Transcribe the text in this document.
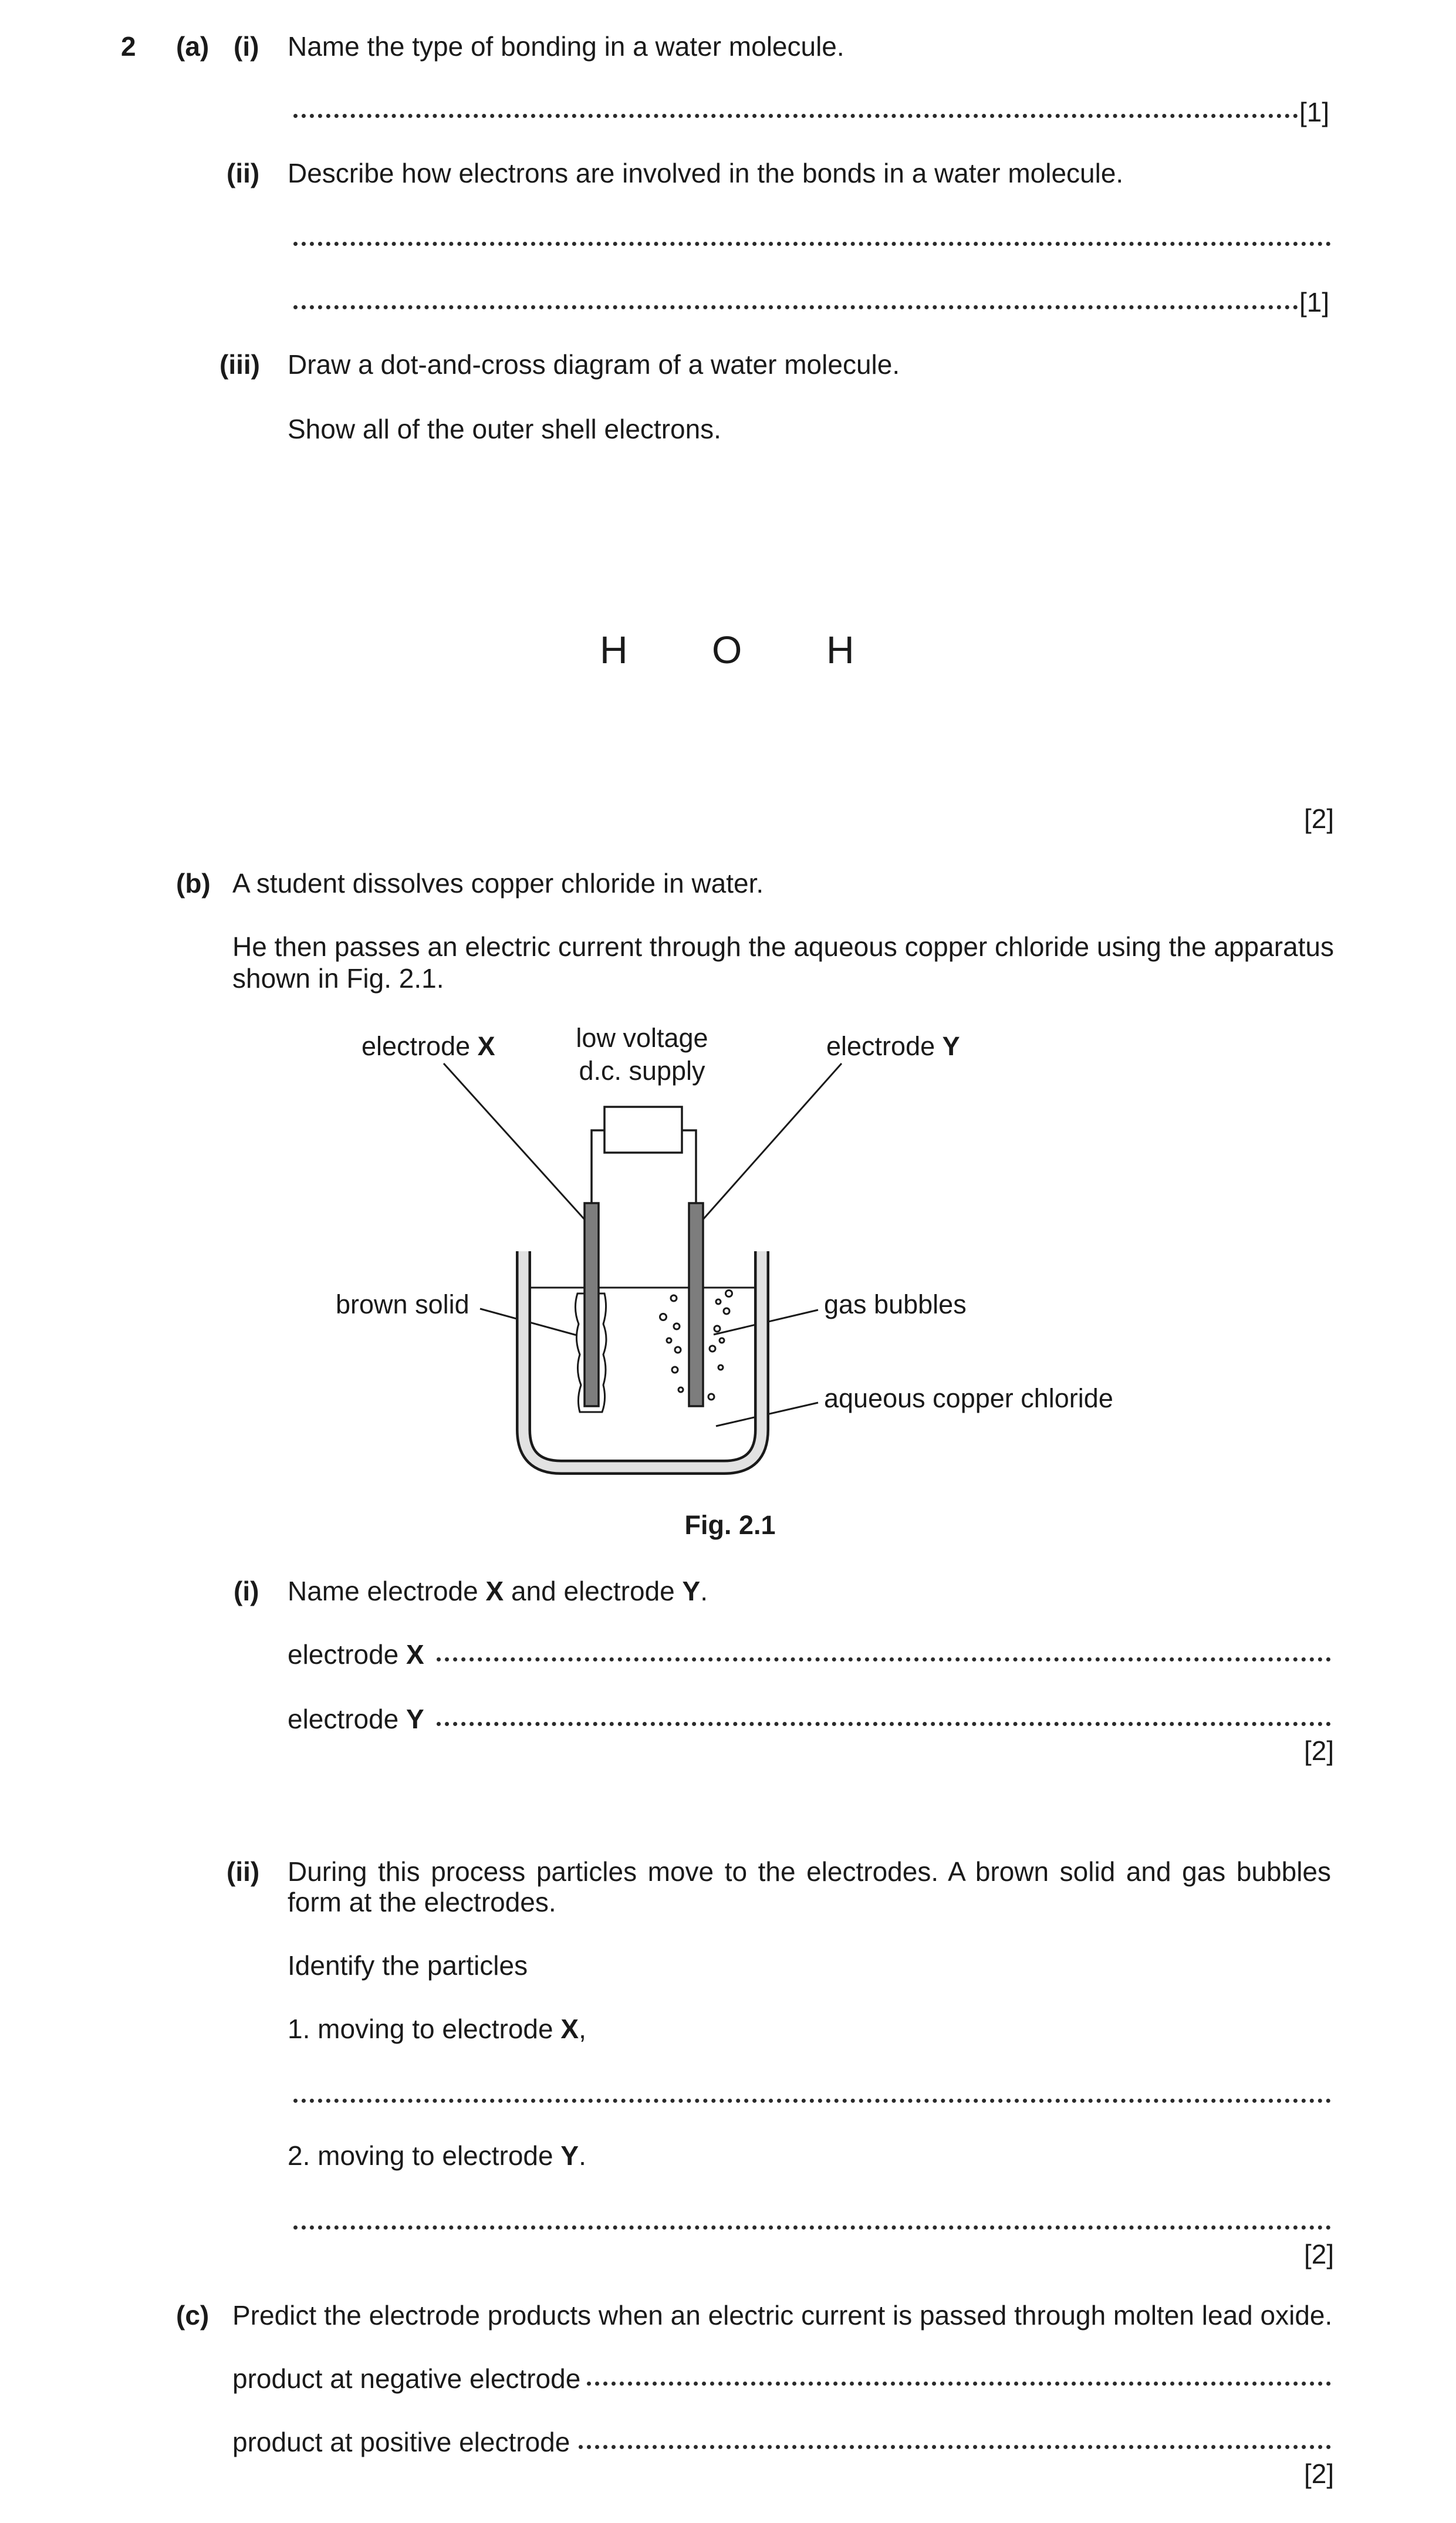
2 (a) (i) Name the type of bonding in a water molecule.
[1]
(ii) Describe how electrons are involved in the bonds in a water molecule.
[1]
(iii) Draw a dot-and-cross diagram of a water molecule.
Show all of the outer shell electrons.
H O H
[2]
(b) A student dissolves copper chloride in water.
He then passes an electric current through the aqueous copper chloride using the apparatus
shown in Fig. 2.1.
electrode X	low voltage
d.c. supply
electrode Y
brown solid	gas bubbles
aqueous copper chloride
Fig. 2.1
(i) Name electrode X and electrode Y.
electrode X
electrode Y
[2]
(ii) During this process particles move to the electrodes. A brown solid and gas bubbles
form at the electrodes.
Identify the particles
1. moving to electrode X,
2. moving to electrode Y.
[2]
(c) Predict the electrode products when an electric current is passed through molten lead oxide.
product at negative electrode
product at positive electrode
[2]
